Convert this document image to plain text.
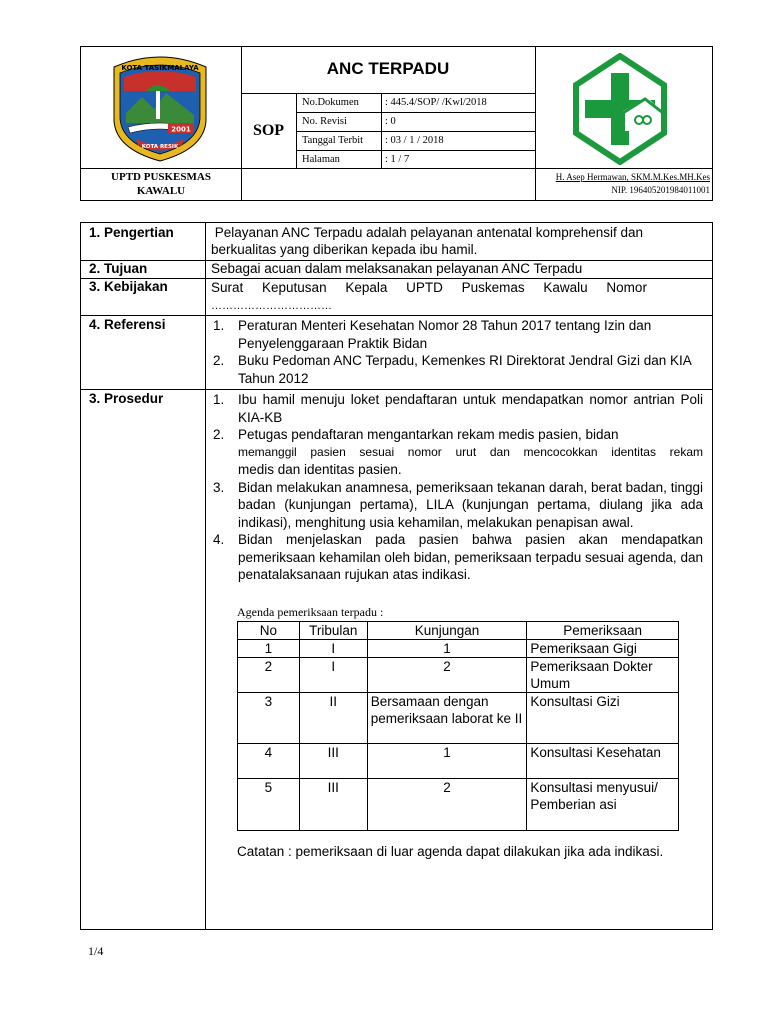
2001
KOTA TASIKMALAYA
KOTA RESIK
ANC TERPADU
SOP
No.Dokumen	: 445.4/SOP/ /Kwl/2018
No. Revisi	: 0
Tanggal Terbit	: 03 / 1 / 2018
Halaman	: 1 / 7
UPTD PUSKESMAS
KAWALU
H. Asep Hermawan, SKM.M.Kes.MH.Kes
NIP. 196405201984011001
1. Pengertian	Pelayanan ANC Terpadu adalah pelayanan antenatal komprehensif dan
berkualitas yang diberikan kepada ibu hamil.
2. Tujuan	Sebagai acuan dalam melaksanakan pelayanan ANC Terpadu
3. Kebijakan	Surat     Keputusan     Kepala     UPTD     Puskemas     Kawalu     Nomor
……………………………
4. Referensi	1.	Peraturan Menteri Kesehatan Nomor 28 Tahun 2017 tentang Izin dan Penyelenggaraan Praktik Bidan
2.	Buku Pedoman ANC Terpadu, Kemenkes RI Direktorat Jendral Gizi dan KIA Tahun 2012
3. Prosedur	1.	Ibu hamil menuju loket pendaftaran untuk mendapatkan nomor antrian Poli KIA-KB
2.	Petugas pendaftaran mengantarkan rekam medis pasien, bidan

memanggil pasien sesuai nomor urut dan mencocokkan identitas rekam
medis dan identitas pasien.
3.	Bidan melakukan anamnesa, pemeriksaan tekanan darah, berat badan, tinggi badan (kunjungan pertama), LILA (kunjungan pertama, diulang jika ada indikasi), menghitung usia kehamilan, melakukan penapisan awal.
4.	Bidan menjelaskan pada pasien bahwa pasien akan mendapatkan pemeriksaan kehamilan oleh bidan, pemeriksaan terpadu sesuai agenda, dan penatalaksanaan rujukan atas indikasi.
Agenda pemeriksaan terpadu :
No	Tribulan	Kunjungan	Pemeriksaan
1	I	1	Pemeriksaan Gigi
2	I	2	Pemeriksaan Dokter Umum
3	II	Bersamaan dengan pemeriksaan laborat ke II	Konsultasi Gizi
4	III	1	Konsultasi Kesehatan
5	III	2	Konsultasi menyusui/ Pemberian asi
Catatan : pemeriksaan di luar agenda dapat dilakukan jika ada indikasi.
1/4
